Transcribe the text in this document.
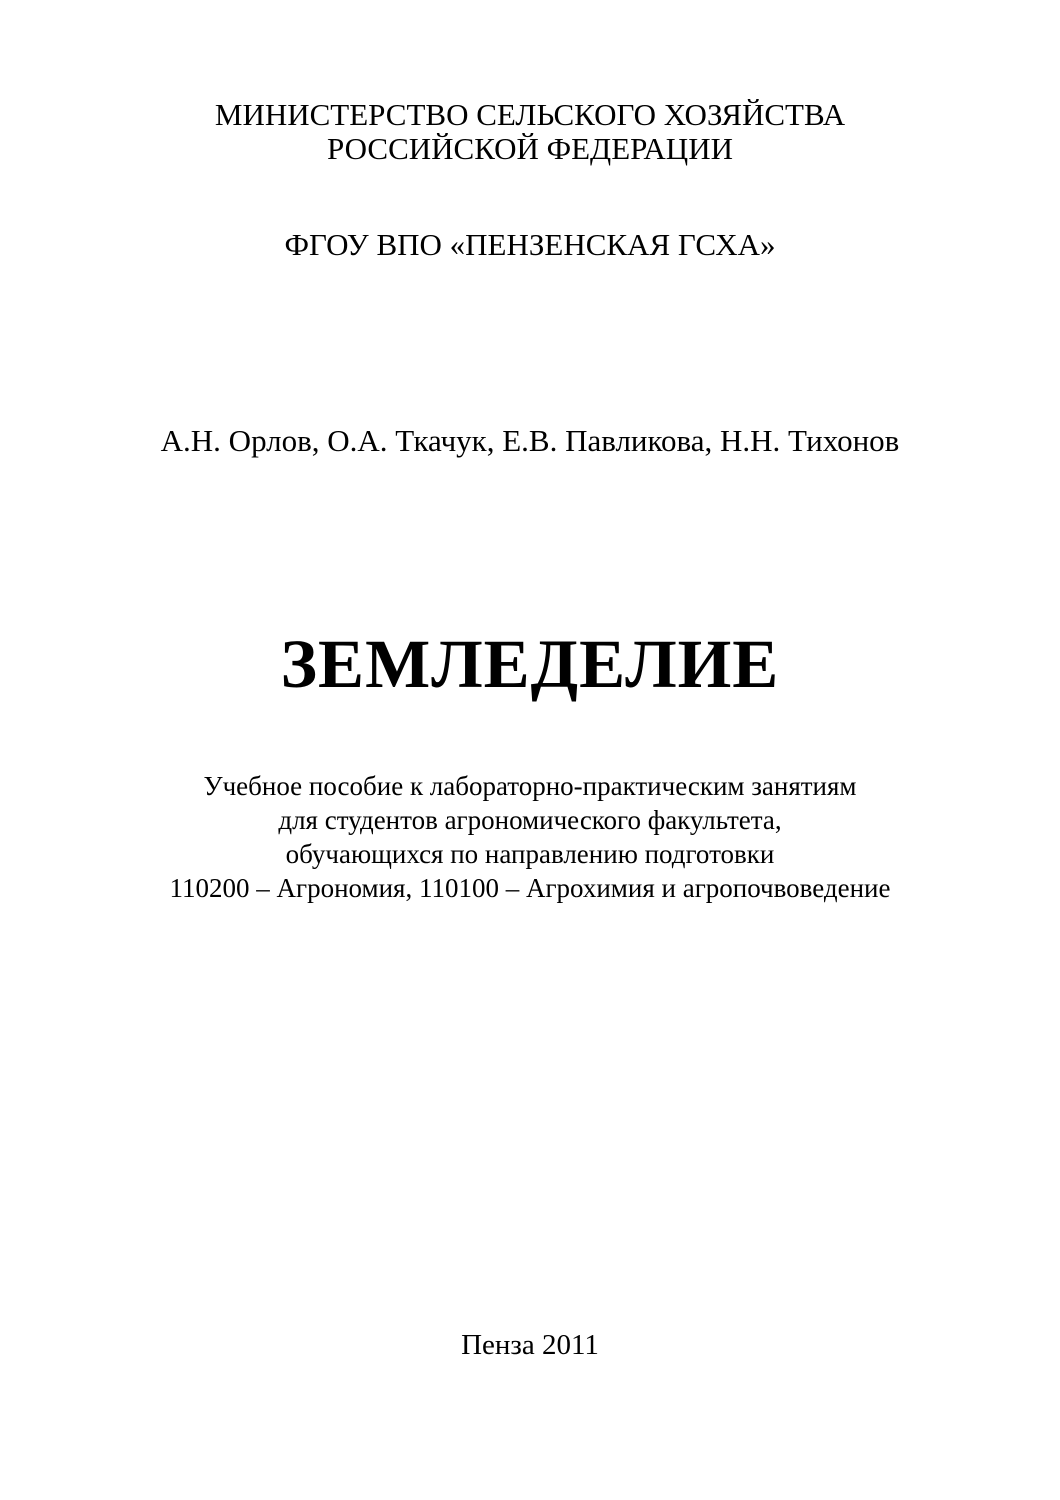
МИНИСТЕРСТВО СЕЛЬСКОГО ХОЗЯЙСТВА
РОССИЙСКОЙ ФЕДЕРАЦИИ
ФГОУ ВПО «ПЕНЗЕНСКАЯ ГСХА»
А.Н. Орлов, О.А. Ткачук, Е.В. Павликова, Н.Н. Тихонов
ЗЕМЛЕДЕЛИЕ
Учебное пособие к лабораторно-практическим занятиям
для студентов агрономического факультета,
обучающихся по направлению подготовки
110200 – Агрономия, 110100 – Агрохимия и агропочвоведение
Пенза 2011
